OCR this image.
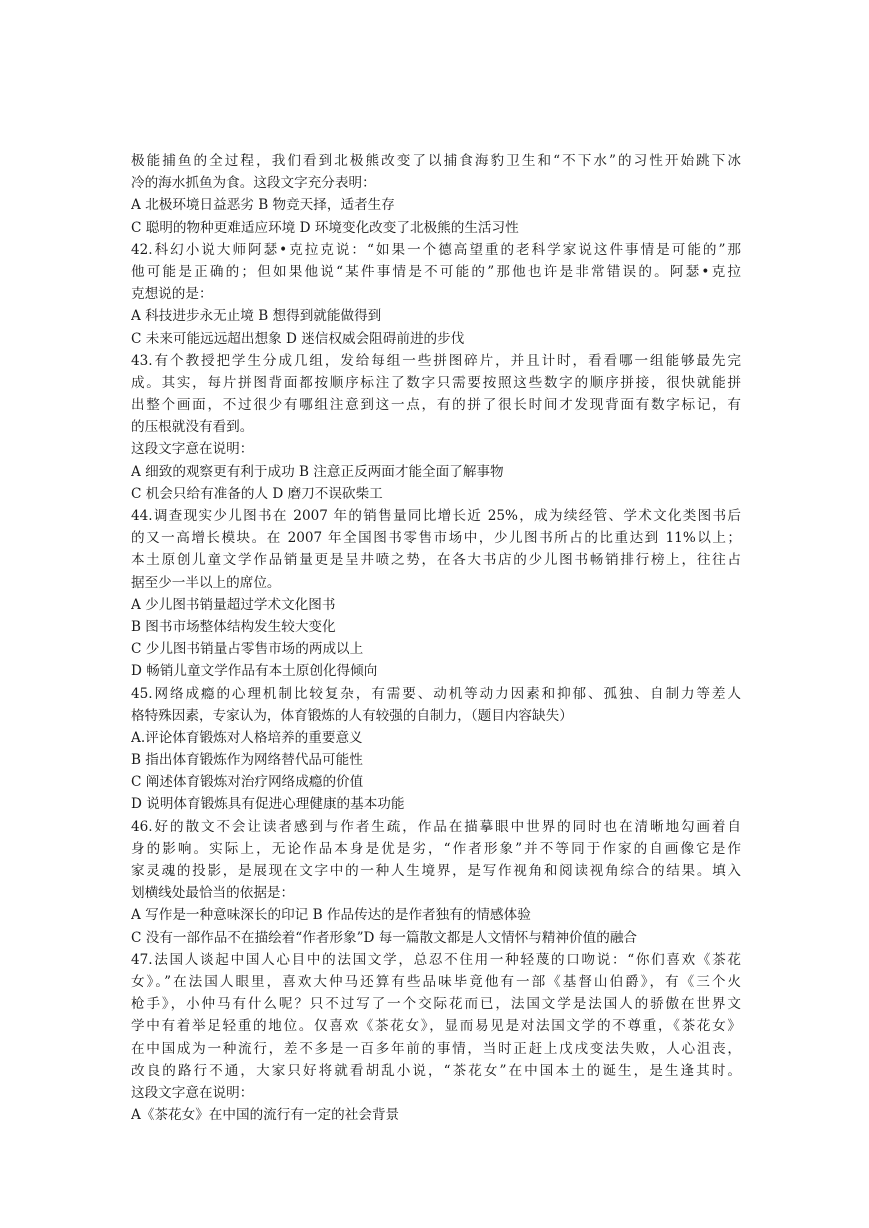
极能捕鱼的全过程，我们看到北极熊改变了以捕食海豹卫生和“不下水”的习性开始跳下冰
冷的海水抓鱼为食。这段文字充分表明：
A 北极环境日益恶劣 B 物竞天择，适者生存
C 聪明的物种更难适应环境 D 环境变化改变了北极熊的生活习性
42.科幻小说大师阿瑟•克拉克说：“如果一个德高望重的老科学家说这件事情是可能的”那
他可能是正确的；但如果他说“某件事情是不可能的”那他也许是非常错误的。阿瑟•克拉
克想说的是：
A 科技进步永无止境 B 想得到就能做得到
C 未来可能远远超出想象 D 迷信权威会阻碍前进的步伐
43.有个教授把学生分成几组，发给每组一些拼图碎片，并且计时，看看哪一组能够最先完
成。其实，每片拼图背面都按顺序标注了数字只需要按照这些数字的顺序拼接，很快就能拼
出整个画面，不过很少有哪组注意到这一点，有的拼了很长时间才发现背面有数字标记，有
的压根就没有看到。
这段文字意在说明：
A 细致的观察更有利于成功 B 注意正反两面才能全面了解事物
C 机会只给有准备的人 D 磨刀不误砍柴工
44.调查现实少儿图书在 2007 年的销售量同比增长近 25%，成为续经管、学术文化类图书后
的又一高增长模块。在 2007 年全国图书零售市场中，少儿图书所占的比重达到 11%以上；
本土原创儿童文学作品销量更是呈井喷之势，在各大书店的少儿图书畅销排行榜上，往往占
据至少一半以上的席位。
A 少儿图书销量超过学术文化图书
B 图书市场整体结构发生较大变化
C 少儿图书销量占零售市场的两成以上
D 畅销儿童文学作品有本土原创化得倾向
45.网络成瘾的心理机制比较复杂，有需要、动机等动力因素和抑郁、孤独、自制力等差人
格特殊因素，专家认为，体育锻炼的人有较强的自制力，（题目内容缺失）
A.评论体育锻炼对人格培养的重要意义
B 指出体育锻炼作为网络替代品可能性
C 阐述体育锻炼对治疗网络成瘾的价值
D 说明体育锻炼具有促进心理健康的基本功能
46.好的散文不会让读者感到与作者生疏，作品在描摹眼中世界的同时也在清晰地勾画着自
身的影响。实际上，无论作品本身是优是劣，“作者形象”并不等同于作家的自画像它是作
家灵魂的投影，是展现在文字中的一种人生境界，是写作视角和阅读视角综合的结果。填入
划横线处最恰当的依据是：
A 写作是一种意味深长的印记 B 作品传达的是作者独有的情感体验
C 没有一部作品不在描绘着“作者形象”D 每一篇散文都是人文情怀与精神价值的融合
47.法国人谈起中国人心目中的法国文学，总忍不住用一种轻蔑的口吻说：“你们喜欢《茶花
女》。”在法国人眼里，喜欢大仲马还算有些品味毕竟他有一部《基督山伯爵》，有《三个火
枪手》，小仲马有什么呢？只不过写了一个交际花而已，法国文学是法国人的骄傲在世界文
学中有着举足轻重的地位。仅喜欢《茶花女》，显而易见是对法国文学的不尊重，《茶花女》
在中国成为一种流行，差不多是一百多年前的事情，当时正赶上戊戌变法失败，人心沮丧，
改良的路行不通，大家只好将就看胡乱小说，“茶花女”在中国本土的诞生，是生逢其时。
这段文字意在说明：
A《茶花女》在中国的流行有一定的社会背景
